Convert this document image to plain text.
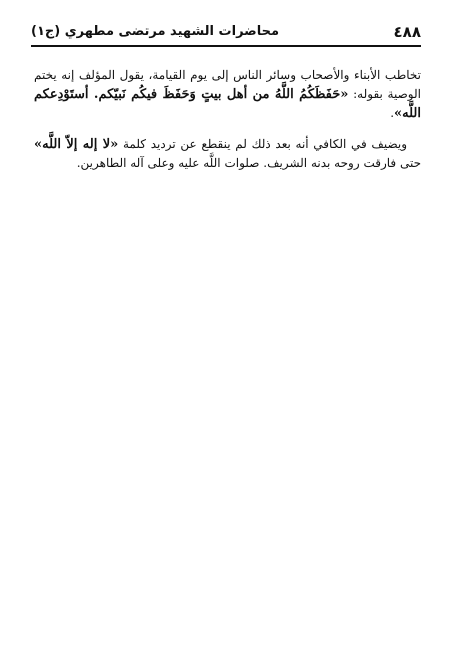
٤٨٨
محاضرات الشهيد مرتضى مطهري (ج١)

تخاطب الأبناء والأصحاب وسائر الناس إلى يوم القيامة، يقول المؤلف إنه يختم الوصية بقوله: «حَفَظَكُمُ اللَّهُ من أهل بيتٍ وَحَفَظَ فيكُم نَبيّكم. أستَوْدِعكم اللَّه».

ويضيف في الكافي أنه بعد ذلك لم ينقطع عن ترديد كلمة «لا إله إلاّ اللَّه» حتى فارقت روحه بدنه الشريف. صلوات اللَّه عليه وعلى آله الطاهرين.
